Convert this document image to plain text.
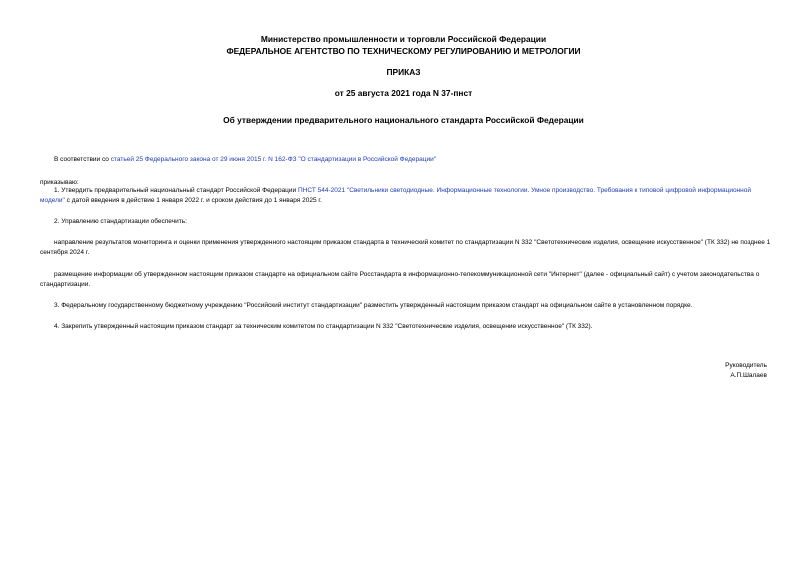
Министерство промышленности и торговли Российской Федерации
ФЕДЕРАЛЬНОЕ АГЕНТСТВО ПО ТЕХНИЧЕСКОМУ РЕГУЛИРОВАНИЮ И МЕТРОЛОГИИ
ПРИКАЗ
от 25 августа 2021 года N 37-пнст
Об утверждении предварительного национального стандарта Российской Федерации
В соответствии со статьей 25 Федерального закона от 29 июня 2015 г. N 162-ФЗ "О стандартизации в Российской Федерации"
приказываю:
1. Утвердить предварительный национальный стандарт Российской Федерации ПНСТ 544-2021 "Светильники светодиодные. Информационные технологии. Умное производство. Требования к типовой цифровой информационной модели" с датой введения в действие 1 января 2022 г. и сроком действия до 1 января 2025 г.
2. Управлению стандартизации обеспечить:
направление результатов мониторинга и оценки применения утвержденного настоящим приказом стандарта в технический комитет по стандартизации N 332 "Светотехнические изделия, освещение искусственное" (ТК 332) не позднее 1 сентября 2024 г.
размещение информации об утвержденном настоящим приказом стандарте на официальном сайте Росстандарта в информационно-телекоммуникационной сети "Интернет" (далее - официальный сайт) с учетом законодательства о стандартизации.
3. Федеральному государственному бюджетному учреждению "Российский институт стандартизации" разместить утвержденный настоящим приказом стандарт на официальном сайте в установленном порядке.
4. Закрепить утвержденный настоящим приказом стандарт за техническим комитетом по стандартизации N 332 "Светотехнические изделия, освещение искусственное" (ТК 332).
Руководитель
А.П.Шалаев
